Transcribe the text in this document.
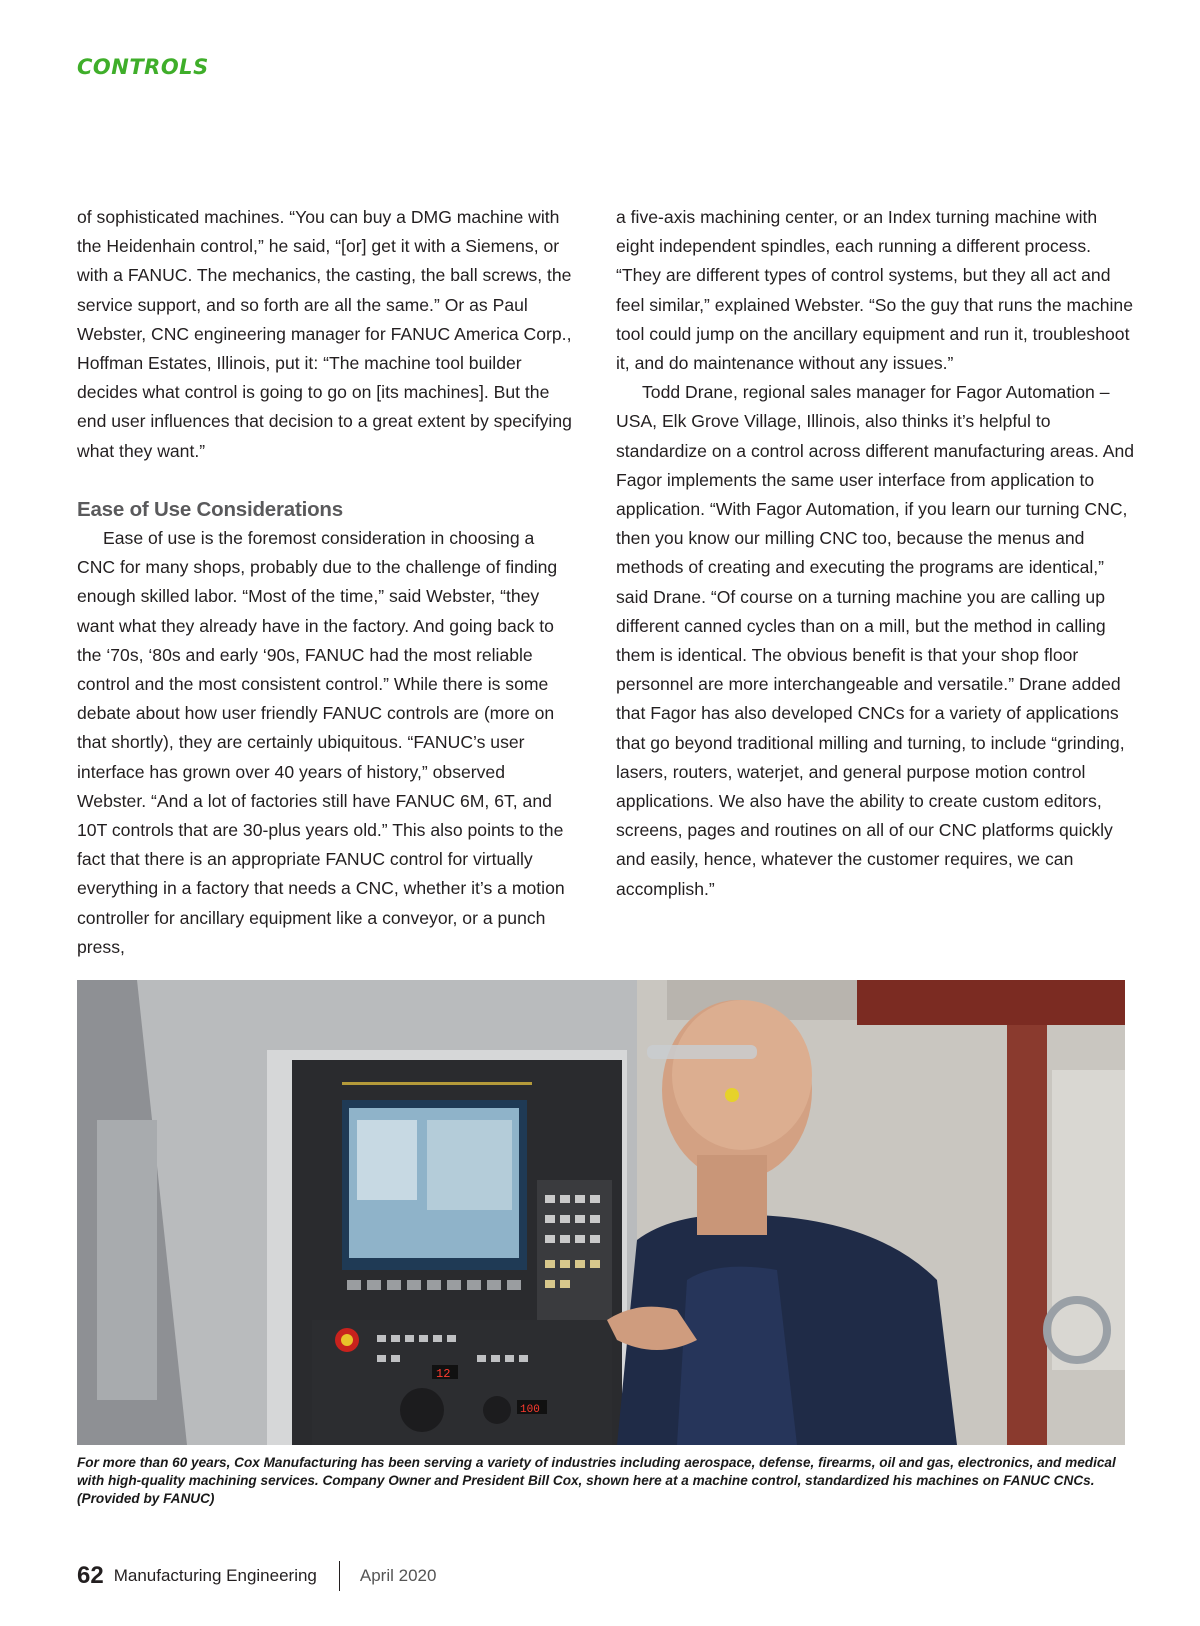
CONTROLS

of sophisticated machines. “You can buy a DMG machine with the Heidenhain control,” he said, “[or] get it with a Siemens, or with a FANUC. The mechanics, the casting, the ball screws, the service support, and so forth are all the same.” Or as Paul Webster, CNC engineering manager for FANUC America Corp., Hoffman Estates, Illinois, put it: “The machine tool builder decides what control is going to go on [its machines]. But the end user influences that decision to a great extent by specifying what they want.”

Ease of Use Considerations

Ease of use is the foremost consideration in choosing a CNC for many shops, probably due to the challenge of finding enough skilled labor. “Most of the time,” said Webster, “they want what they already have in the factory. And going back to the ‘70s, ‘80s and early ‘90s, FANUC had the most reliable control and the most consistent control.” While there is some debate about how user friendly FANUC controls are (more on that shortly), they are certainly ubiquitous. “FANUC’s user interface has grown over 40 years of history,” observed Webster. “And a lot of factories still have FANUC 6M, 6T, and 10T controls that are 30-plus years old.” This also points to the fact that there is an appropriate FANUC control for virtually everything in a factory that needs a CNC, whether it’s a motion controller for ancillary equipment like a conveyor, or a punch press,

a five-axis machining center, or an Index turning machine with eight independent spindles, each running a different process. “They are different types of control systems, but they all act and feel similar,” explained Webster. “So the guy that runs the machine tool could jump on the ancillary equipment and run it, troubleshoot it, and do maintenance without any issues.”

Todd Drane, regional sales manager for Fagor Automation –USA, Elk Grove Village, Illinois, also thinks it’s helpful to standardize on a control across different manufacturing areas. And Fagor implements the same user interface from application to application. “With Fagor Automation, if you learn our turning CNC, then you know our milling CNC too, because the menus and methods of creating and executing the programs are identical,” said Drane. “Of course on a turning machine you are calling up different canned cycles than on a mill, but the method in calling them is identical. The obvious benefit is that your shop floor personnel are more interchangeable and versatile.” Drane added that Fagor has also developed CNCs for a variety of applications that go beyond traditional milling and turning, to include “grinding, lasers, routers, waterjet, and general purpose motion control applications. We also have the ability to create custom editors, screens, pages and routines on all of our CNC platforms quickly and easily, hence, whatever the customer requires, we can accomplish.”

12
100
For more than 60 years, Cox Manufacturing has been serving a variety of industries including aerospace, defense, firearms, oil and gas, electronics, and medical with high-quality machining services. Company Owner and President Bill Cox, shown here at a machine control, standardized his machines on FANUC CNCs. (Provided by FANUC)
62 Manufacturing Engineering	April 2020
